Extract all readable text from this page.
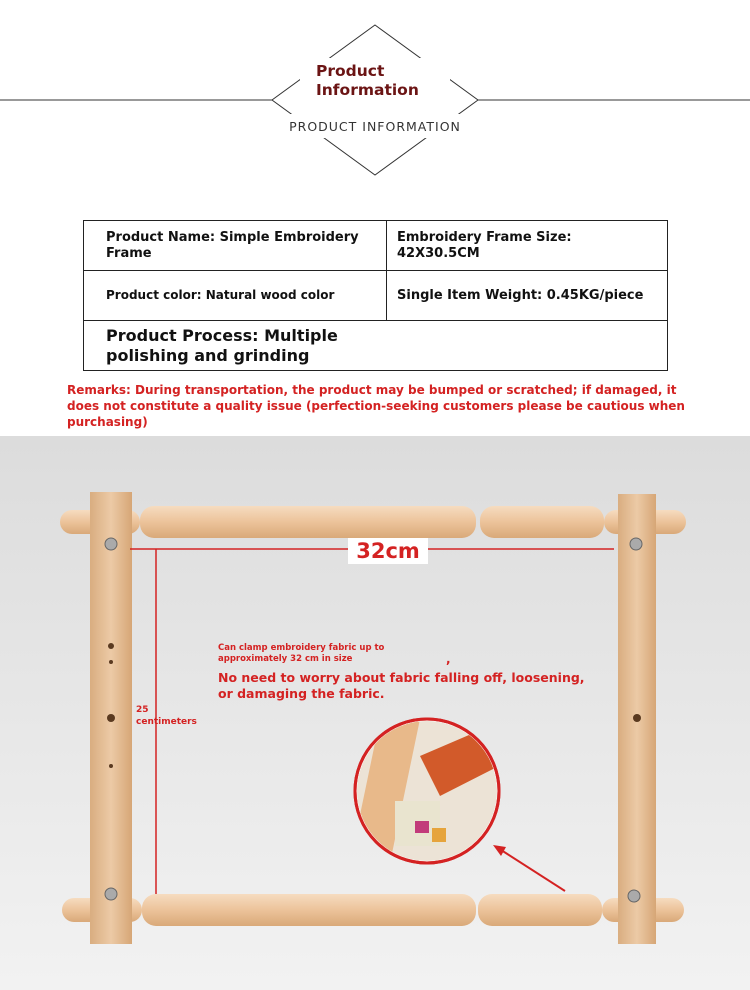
Product Information
PRODUCT INFORMATION
Product Name: Simple Embroidery Frame	Embroidery Frame Size: 42X30.5CM
Product color: Natural wood color	Single Item Weight: 0.45KG/piece

Product Process: Multiple polishing and grinding	
Remarks: During transportation, the product may be bumped or scratched; if damaged, it does not constitute a quality issue (perfection-seeking customers please be cautious when purchasing)
32cm
25
centimeters
Can clamp embroidery fabric up to approximately 32 cm in size	,
No need to worry about fabric falling off, loosening, or damaging the fabric.
